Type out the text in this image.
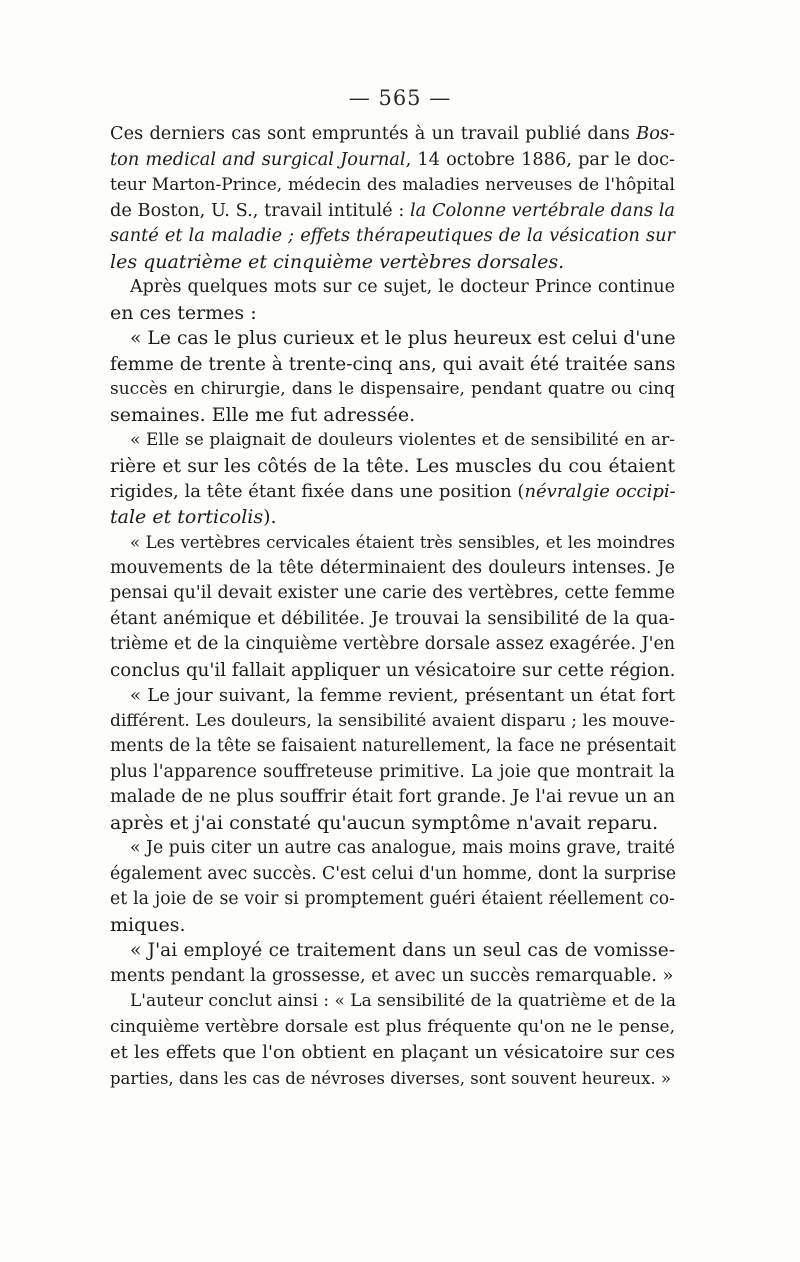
— 565 —
Ces derniers cas sont empruntés à un travail publié dans Bos-
ton medical and surgical Journal, 14 octobre 1886, par le doc-
teur Marton-Prince, médecin des maladies nerveuses de l'hôpital
de Boston, U. S., travail intitulé : la Colonne vertébrale dans la
santé et la maladie ; effets thérapeutiques de la vésication sur
les quatrième et cinquième vertèbres dorsales.
Après quelques mots sur ce sujet, le docteur Prince continue
en ces termes :
« Le cas le plus curieux et le plus heureux est celui d'une
femme de trente à trente-cinq ans, qui avait été traitée sans
succès en chirurgie, dans le dispensaire, pendant quatre ou cinq
semaines. Elle me fut adressée.
« Elle se plaignait de douleurs violentes et de sensibilité en ar-
rière et sur les côtés de la tête. Les muscles du cou étaient
rigides, la tête étant fixée dans une position (névralgie occipi-
tale et torticolis).
« Les vertèbres cervicales étaient très sensibles, et les moindres
mouvements de la tête déterminaient des douleurs intenses. Je
pensai qu'il devait exister une carie des vertèbres, cette femme
étant anémique et débilitée. Je trouvai la sensibilité de la qua-
trième et de la cinquième vertèbre dorsale assez exagérée. J'en
conclus qu'il fallait appliquer un vésicatoire sur cette région.
« Le jour suivant, la femme revient, présentant un état fort
différent. Les douleurs, la sensibilité avaient disparu ; les mouve-
ments de la tête se faisaient naturellement, la face ne présentait
plus l'apparence souffreteuse primitive. La joie que montrait la
malade de ne plus souffrir était fort grande. Je l'ai revue un an
après et j'ai constaté qu'aucun symptôme n'avait reparu.
« Je puis citer un autre cas analogue, mais moins grave, traité
également avec succès. C'est celui d'un homme, dont la surprise
et la joie de se voir si promptement guéri étaient réellement co-
miques.
« J'ai employé ce traitement dans un seul cas de vomisse-
ments pendant la grossesse, et avec un succès remarquable. »
L'auteur conclut ainsi : « La sensibilité de la quatrième et de la
cinquième vertèbre dorsale est plus fréquente qu'on ne le pense,
et les effets que l'on obtient en plaçant un vésicatoire sur ces
parties, dans les cas de névroses diverses, sont souvent heureux. »
